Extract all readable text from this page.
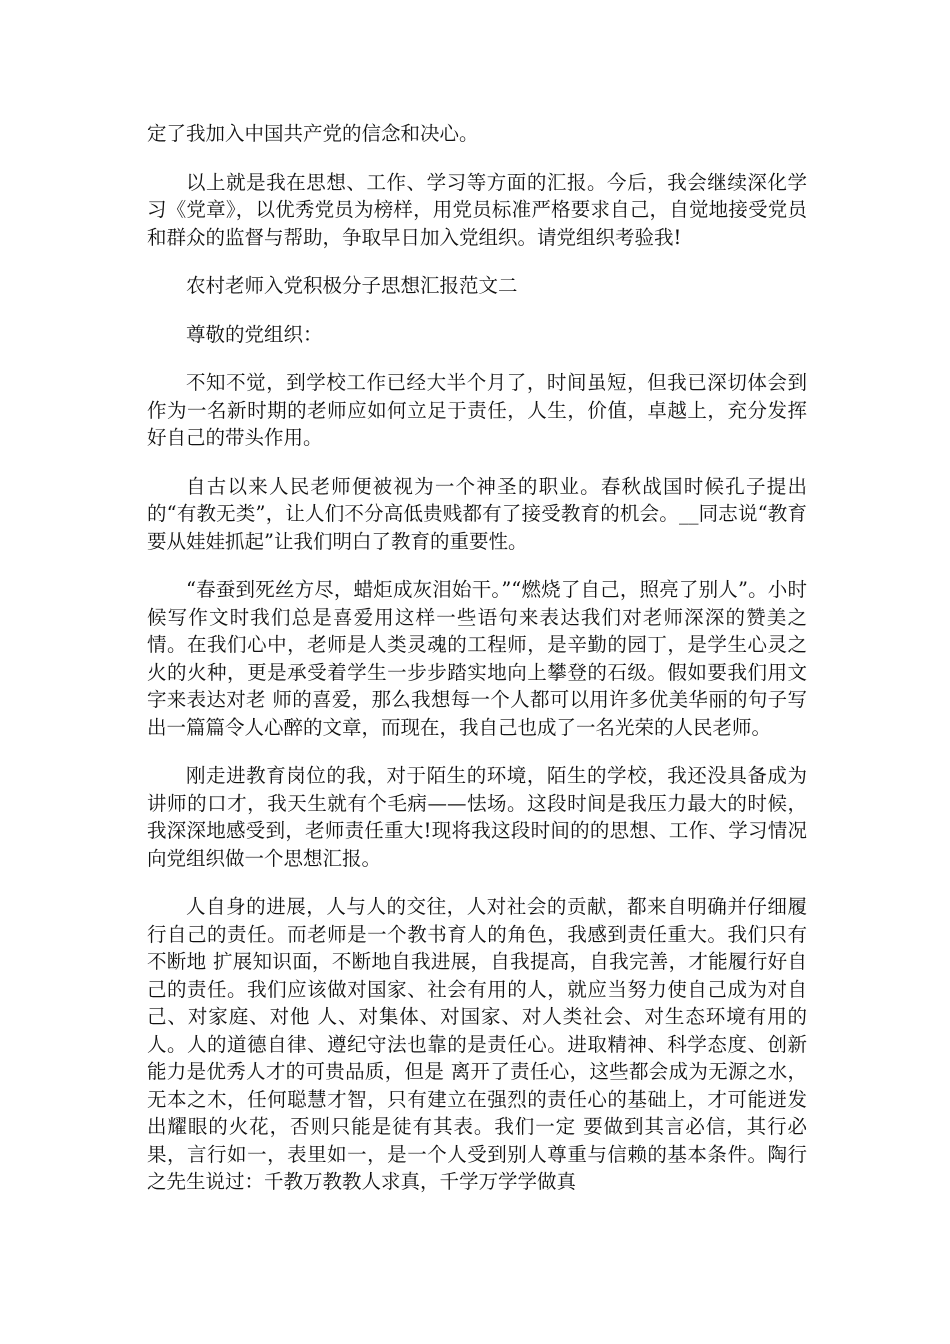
定了我加入中国共产党的信念和决心。

以上就是我在思想、工作、学习等方面的汇报。今后，我会继续深化学习《党章》，以优秀党员为榜样，用党员标准严格要求自己，自觉地接受党员和群众的监督与帮助，争取早日加入党组织。请党组织考验我!

农村老师入党积极分子思想汇报范文二

尊敬的党组织：

不知不觉，到学校工作已经大半个月了，时间虽短，但我已深切体会到作为一名新时期的老师应如何立足于责任，人生，价值，卓越上，充分发挥好自己的带头作用。

自古以来人民老师便被视为一个神圣的职业。春秋战国时候孔子提出的“有教无类”，让人们不分高低贵贱都有了接受教育的机会。__同志说“教育要从娃娃抓起”让我们明白了教育的重要性。

“春蚕到死丝方尽，蜡炬成灰泪始干。”“燃烧了自己，照亮了别人”。小时候写作文时我们总是喜爱用这样一些语句来表达我们对老师深深的赞美之情。在我们心中，老师是人类灵魂的工程师，是辛勤的园丁，是学生心灵之火的火种，更是承受着学生一步步踏实地向上攀登的石级。假如要我们用文字来表达对老 师的喜爱，那么我想每一个人都可以用许多优美华丽的句子写出一篇篇令人心醉的文章，而现在，我自己也成了一名光荣的人民老师。

刚走进教育岗位的我，对于陌生的环境，陌生的学校，我还没具备成为讲师的口才，我天生就有个毛病——怯场。这段时间是我压力最大的时候，我深深地感受到，老师责任重大!现将我这段时间的的思想、工作、学习情况向党组织做一个思想汇报。

人自身的进展，人与人的交往，人对社会的贡献，都来自明确并仔细履行自己的责任。而老师是一个教书育人的角色，我感到责任重大。我们只有不断地 扩展知识面，不断地自我进展，自我提高，自我完善，才能履行好自己的责任。我们应该做对国家、社会有用的人，就应当努力使自己成为对自己、对家庭、对他 人、对集体、对国家、对人类社会、对生态环境有用的人。人的道德自律、遵纪守法也靠的是责任心。进取精神、科学态度、创新能力是优秀人才的可贵品质，但是 离开了责任心，这些都会成为无源之水，无本之木，任何聪慧才智，只有建立在强烈的责任心的基础上，才可能迸发出耀眼的火花，否则只能是徒有其表。我们一定 要做到其言必信，其行必果，言行如一，表里如一，是一个人受到别人尊重与信赖的基本条件。陶行之先生说过：千教万教教人求真，千学万学学做真
